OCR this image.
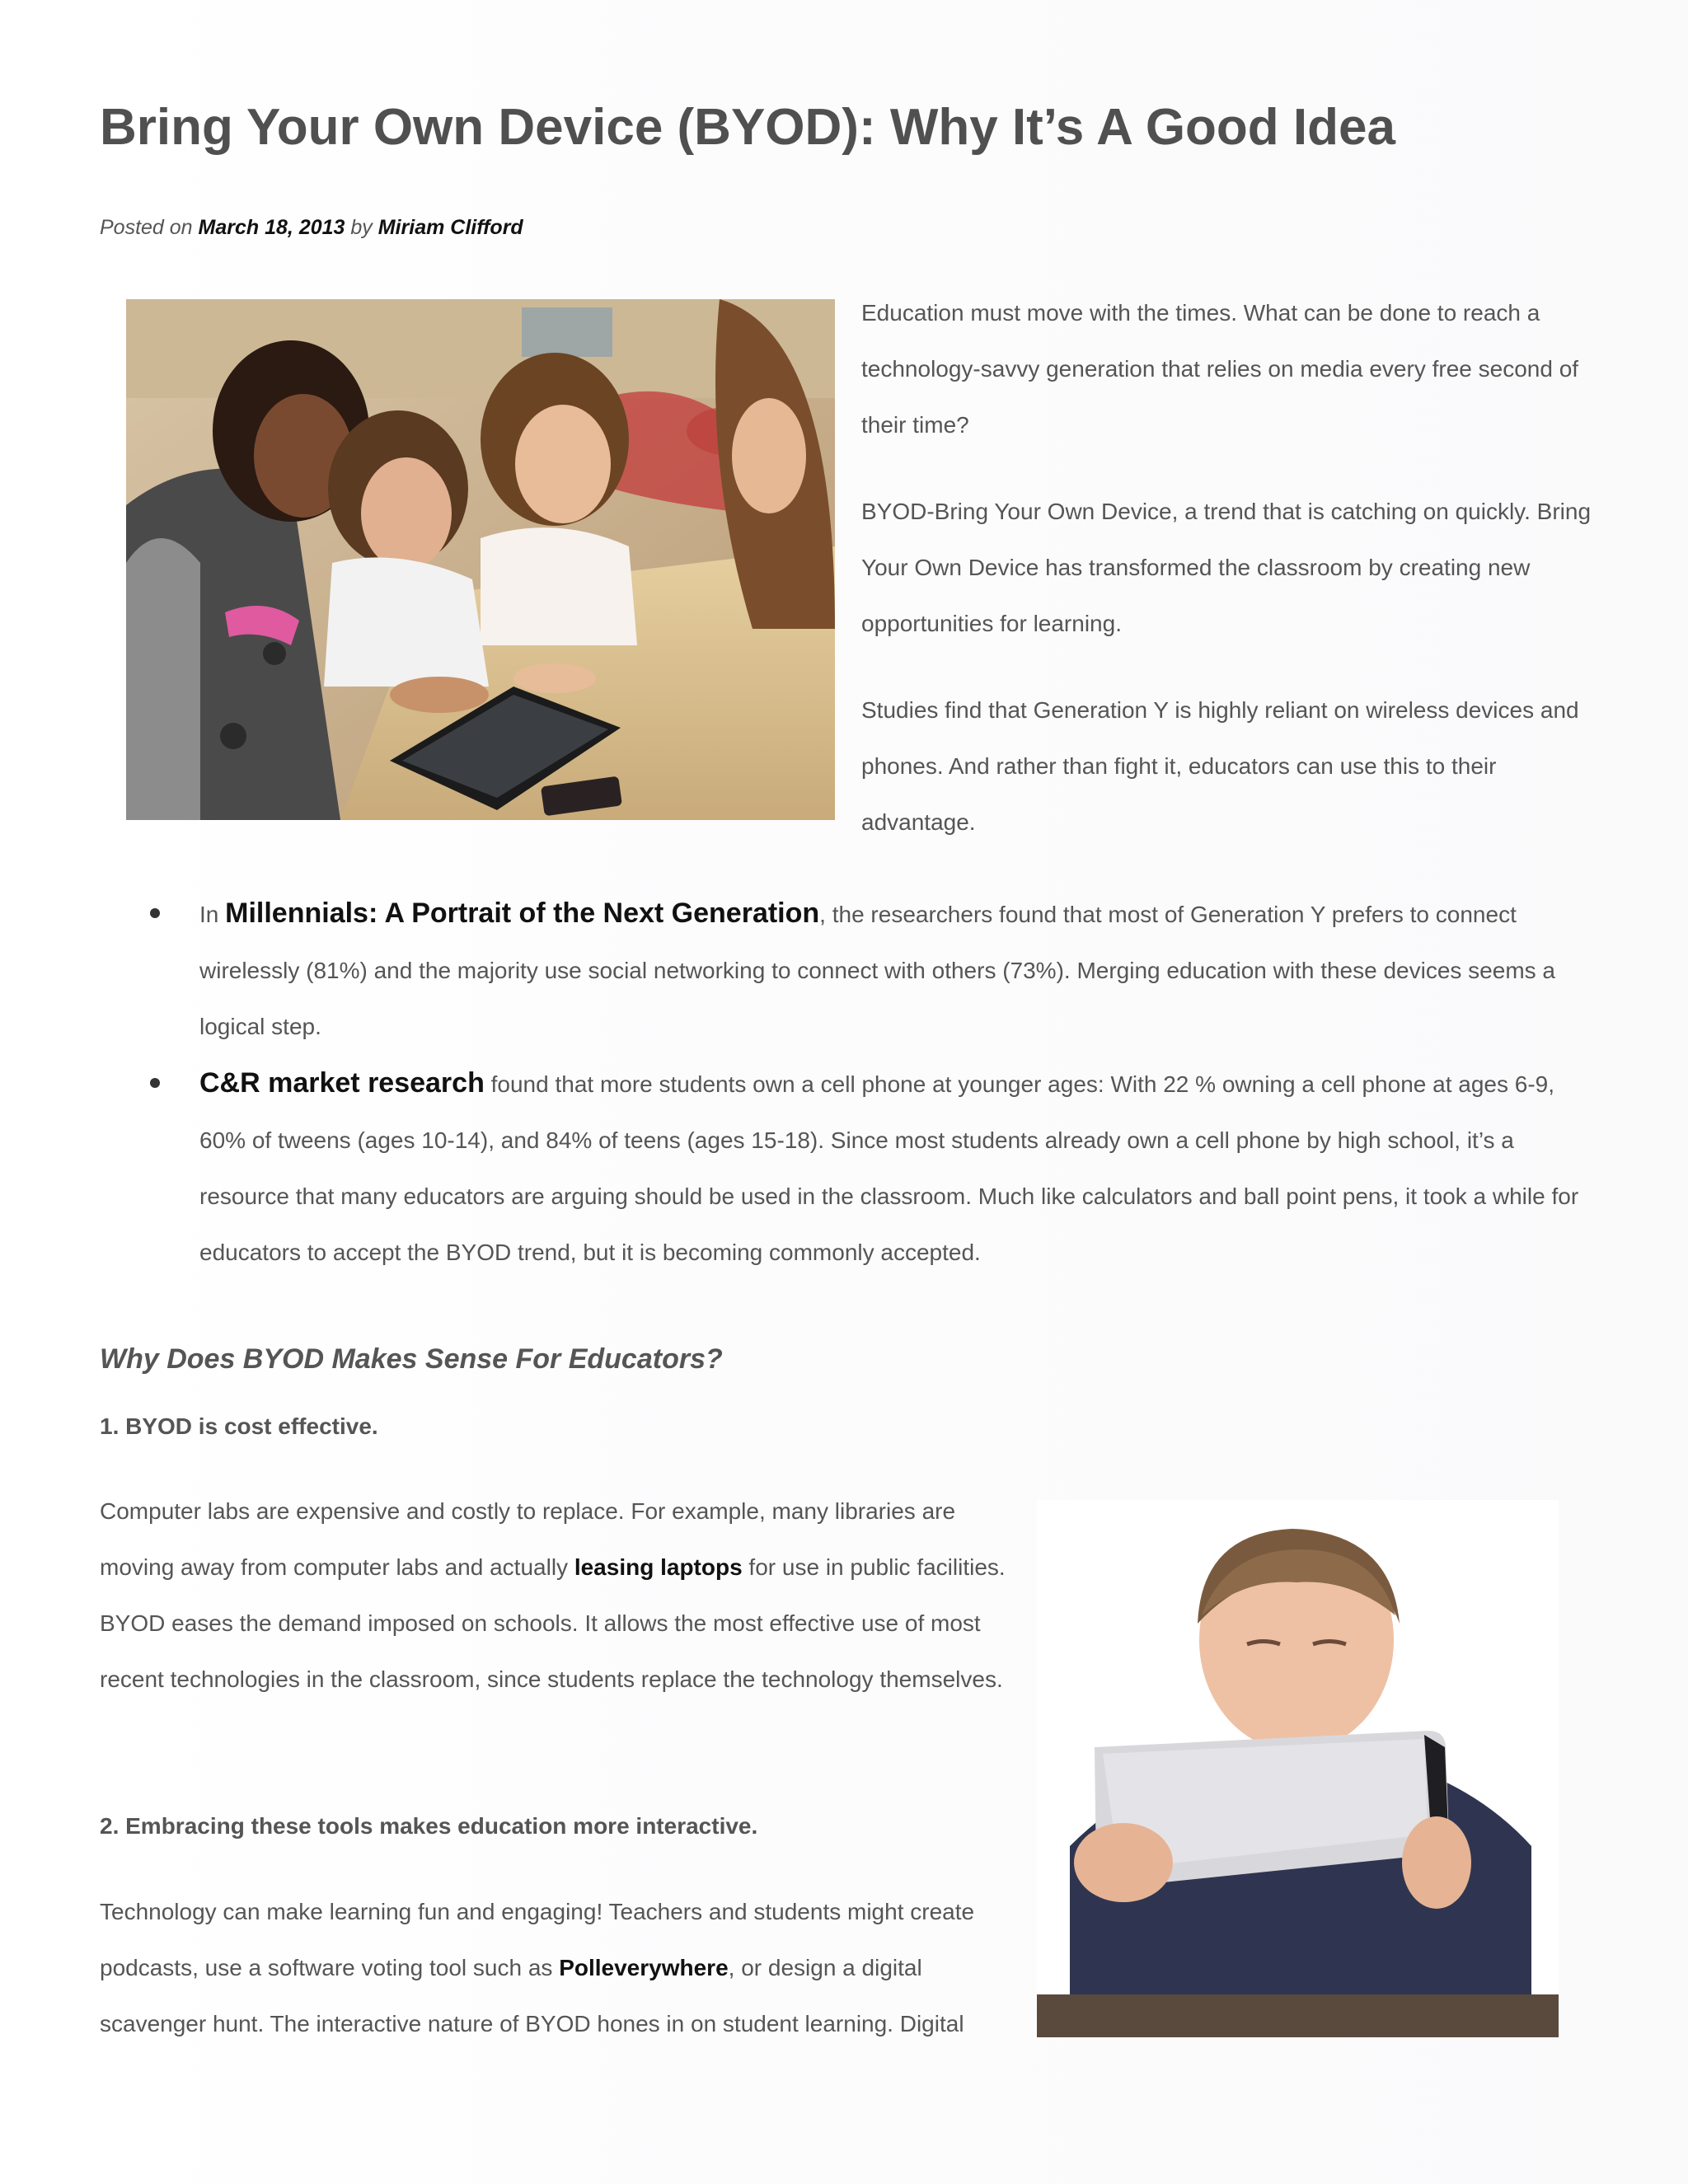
Bring Your Own Device (BYOD): Why It’s A Good Idea
Posted on March 18, 2013 by Miriam Clifford

Education must move with the times. What can be done to reach a technology-savvy generation that relies on media every free second of their time?

BYOD-Bring Your Own Device, a trend that is catching on quickly. Bring Your Own Device has transformed the classroom by creating new opportunities for learning.

Studies find that Generation Y is highly reliant on wireless devices and phones. And rather than fight it, educators can use this to their advantage.

In Millennials: A Portrait of the Next Generation, the researchers found that most of Generation Y prefers to connect wirelessly (81%) and the majority use social networking to connect with others (73%). Merging education with these devices seems a logical step.
C&R market research found that more students own a cell phone at younger ages: With 22 % owning a cell phone at ages 6-9, 60% of tweens (ages 10-14), and 84% of teens (ages 15-18). Since most students already own a cell phone by high school, it’s a resource that many educators are arguing should be used in the classroom. Much like calculators and ball point pens, it took a while for educators to accept the BYOD trend, but it is becoming commonly accepted.
Why Does BYOD Makes Sense For Educators?
1. BYOD is cost effective.
Computer labs are expensive and costly to replace. For example, many libraries are moving away from computer labs and actually leasing laptops for use in public facilities. BYOD eases the demand imposed on schools. It allows the most effective use of most recent technologies in the classroom, since students replace the technology themselves.
2. Embracing these tools makes education more interactive.
Technology can make learning fun and engaging! Teachers and students might create podcasts, use a software voting tool such as Polleverywhere, or design a digital scavenger hunt. The interactive nature of BYOD hones in on student learning. Digital
